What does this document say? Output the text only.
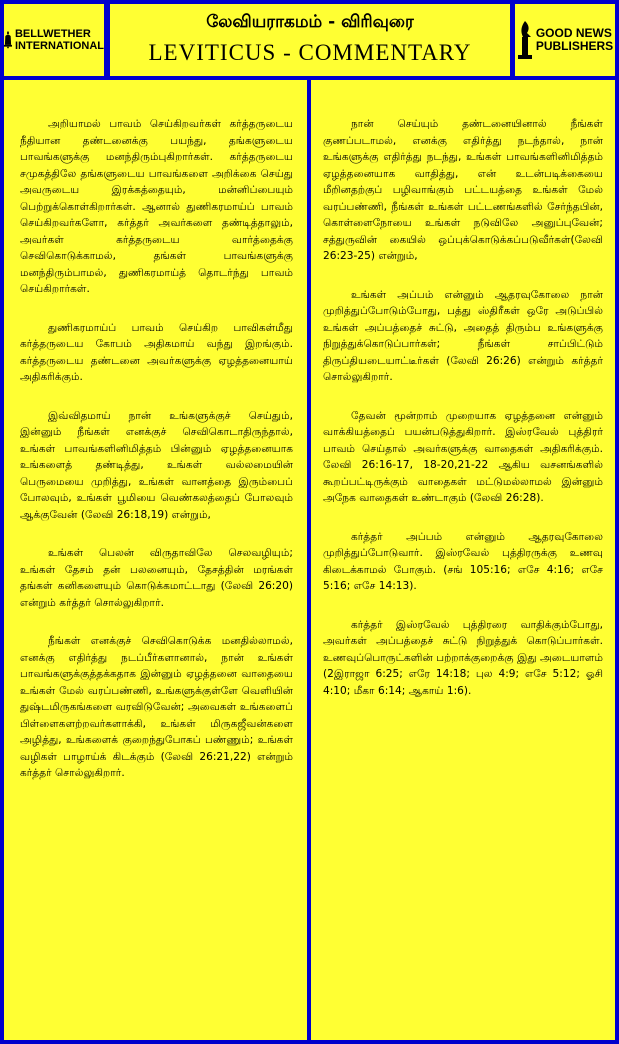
BELLWETHER
INTERNATIONAL
லேவியராகமம் - விரிவுரை
LEVITICUS - COMMENTARY
GOOD NEWS
PUBLISHERS

அறியாமல் பாவம் செய்கிறவர்கள் கர்த்தருடைய நீதியான தண்டனைக்கு பயந்து, தங்களுடைய பாவங்களுக்கு மனந்திரும்புகிறார்கள். கர்த்தருடைய சமுகத்திலே தங்களுடைய பாவங்களை அறிக்கை செய்து அவருடைய இரக்கத்தையும், மன்னிப்பையும் பெற்றுக்கொள்கிறார்கள். ஆனால் துணிகரமாய்ப் பாவம் செய்கிறவர்களோ, கர்த்தர் அவர்களை தண்டித்தாலும், அவர்கள் கர்த்தருடைய வார்த்தைக்கு செவிகொடுக்காமல், தங்கள் பாவங்களுக்கு மனந்திரும்பாமல், துணிகரமாய்த் தொடர்ந்து பாவம் செய்கிறார்கள்.

துணிகரமாய்ப் பாவம் செய்கிற பாவிகள்மீது கர்த்தருடைய கோபம் அதிகமாய் வந்து இறங்கும். கர்த்தருடைய தண்டனை அவர்களுக்கு ஏழத்தனையாய் அதிகரிக்கும்.

இவ்விதமாய் நான் உங்களுக்குச் செய்தும், இன்னும் நீங்கள் எனக்குச் செவிகொடாதிருந்தால், உங்கள் பாவங்களினிமித்தம் பின்னும் ஏழத்தனையாக உங்களைத் தண்டித்து, உங்கள் வல்லமையின் பெருமையை முறித்து, உங்கள் வானத்தை இரும்பைப் போலவும், உங்கள் பூமியை வெண்கலத்தைப் போலவும் ஆக்குவேன் (லேவி 26:18,19) என்றும்,

உங்கள் பெலன் விருதாவிலே செலவழியும்; உங்கள் தேசம் தன் பலனையும், தேசத்தின் மரங்கள் தங்கள் கனிகளையும் கொடுக்கமாட்டாது (லேவி 26:20) என்றும் கர்த்தர் சொல்லுகிறார்.

நீங்கள் எனக்குச் செவிகொடுக்க மனதில்லாமல், எனக்கு எதிர்த்து நடப்பீர்களானால், நான் உங்கள் பாவங்களுக்குத்தக்கதாக இன்னும் ஏழத்தனை வாதையை உங்கள் மேல் வரப்பண்ணி, உங்களுக்குள்ளே வெளியின் துஷ்டமிருகங்களை வரவிடுவேன்; அவைகள் உங்களைப் பிள்ளைகளற்றவர்களாக்கி, உங்கள் மிருகஜீவன்களை அழித்து, உங்களைக் குறைந்துபோகப் பண்ணும்; உங்கள் வழிகள் பாழாய்க் கிடக்கும் (லேவி 26:21,22) என்றும் கர்த்தர் சொல்லுகிறார்.

நான் செய்யும் தண்டனையினால் நீங்கள் குணப்படாமல், எனக்கு எதிர்த்து நடந்தால், நான் உங்களுக்கு எதிர்த்து நடந்து, உங்கள் பாவங்களினிமித்தம் ஏழத்தனையாக வாதித்து, என் உடன்படிக்கையை மீறினதற்குப் பழிவாங்கும் பட்டயத்தை உங்கள் மேல் வரப்பண்ணி, நீங்கள் உங்கள் பட்டணங்களில் சேர்ந்தபின், கொள்ளைநோயை உங்கள் நடுவிலே அனுப்புவேன்; சத்துருவின் கையில் ஒப்புக்கொடுக்கப்படுவீர்கள்(லேவி 26:23-25) என்றும்,

உங்கள் அப்பம் என்னும் ஆதரவுகோலை நான் முறித்துப்போடும்போது, பத்து ஸ்திரீகள் ஒரே அடுப்பில் உங்கள் அப்பத்தைச் சுட்டு, அதைத் திரும்ப உங்களுக்கு நிறுத்துக்கொடுப்பார்கள்; நீங்கள் சாப்பிட்டும் திருப்தியடையாட்டீர்கள் (லேவி 26:26) என்றும் கர்த்தர் சொல்லுகிறார்.

தேவன் மூன்றாம் முறையாக ஏழத்தனை என்னும் வாக்கியத்தைப் பயன்படுத்துகிறார். இஸ்ரவேல் புத்திரர் பாவம் செய்தால் அவர்களுக்கு வாதைகள் அதிகரிக்கும். லேவி 26:16-17, 18-20,21-22 ஆகிய வசனங்களில் கூறப்பட்டிருக்கும் வாதைகள் மட்டுமல்லாமல் இன்னும் அநேக வாதைகள் உண்டாகும் (லேவி 26:28).

கர்த்தர் அப்பம் என்னும் ஆதரவுகோலை முறித்துப்போடுவார். இஸ்ரவேல் புத்திரருக்கு உணவு கிடைக்காமல் போகும். (சங் 105:16; எசே 4:16; எசே 5:16; எசே 14:13).

கர்த்தர் இஸ்ரவேல் புத்திரரை வாதிக்கும்போது, அவர்கள் அப்பத்தைச் சுட்டு நிறுத்துக் கொடுப்பார்கள். உணவுப்பொருட்களின் பற்றாக்குறைக்கு இது அடையாளம் (2இராஜா 6:25; எரே 14:18; புல 4:9; எசே 5:12; ஓசி 4:10; மீகா 6:14; ஆகாய் 1:6).
